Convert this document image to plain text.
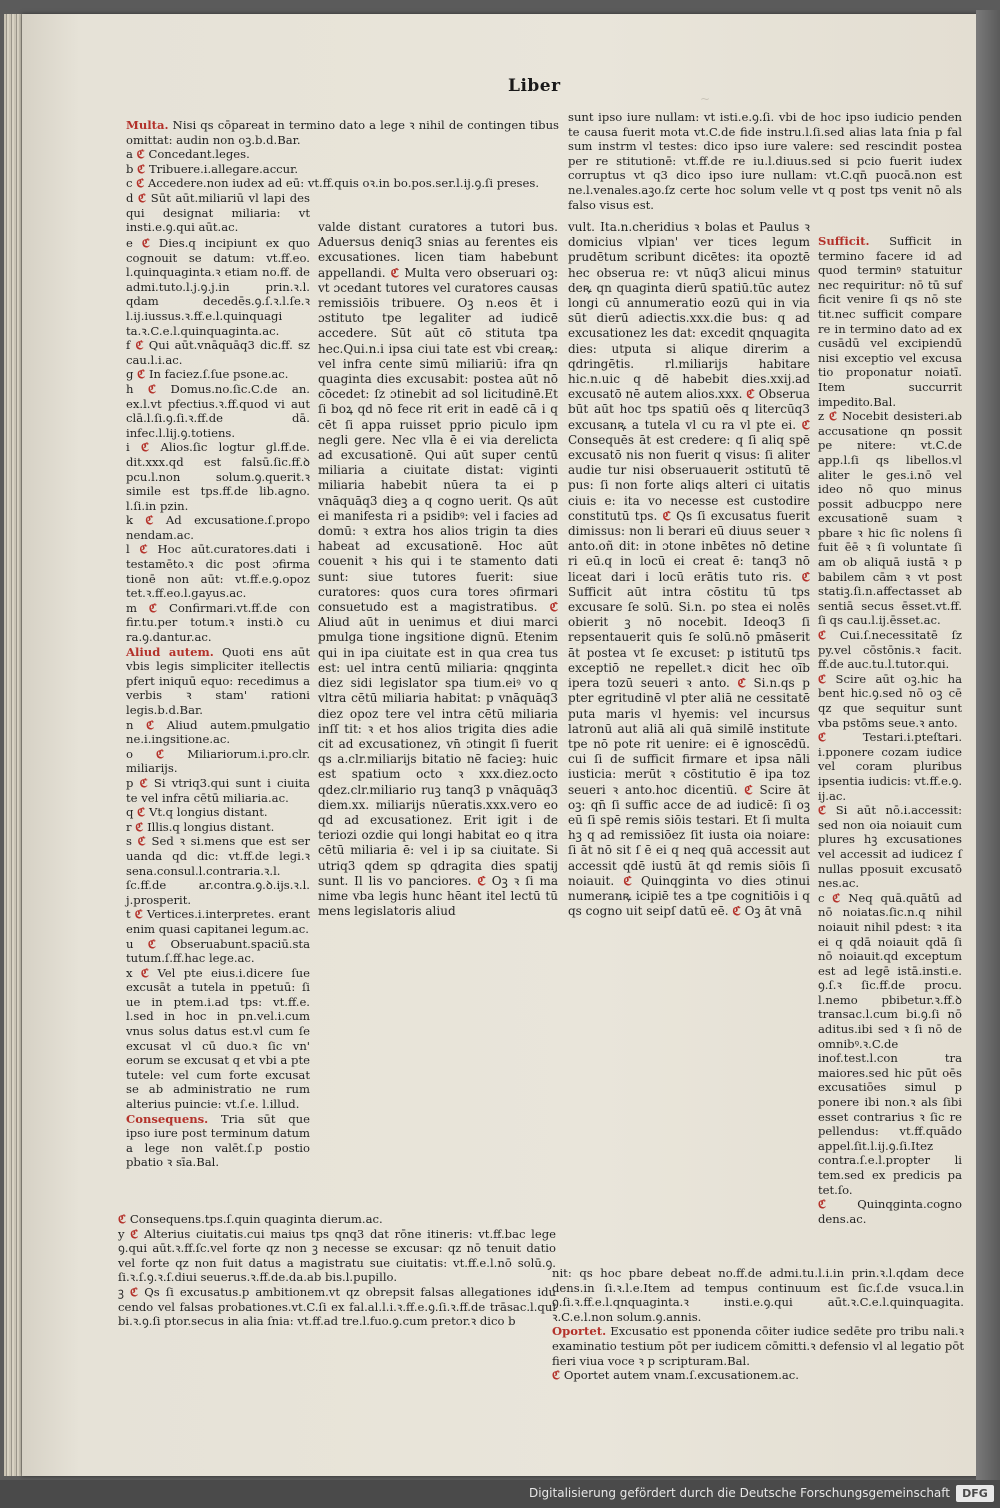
~
Liber

Multa. Nisi qs cōpareat in termino dato a lege ꝛ nihil de contingen tibus omittat: audin non oꝫ.b.d.Bar.

a ℭ Concedant.leges.

b ℭ Tribuere.i.allegare.accur.

c ℭ Accedere.non iudex ad eū: vt.ff.quis oꝛ.in bo.pos.ser.l.ij.ꝯ.ſi preses.

d ℭ Sūt aūt.miliariū vl lapi des qui designat miliaria: vt insti.e.ꝯ.qui aūt.ac.

sunt ipso iure nullam: vt isti.e.ꝯ.ſi. vbi de hoc ipso iudicio penden te causa fuerit mota vt.C.de fide instru.l.ſi.sed alias lata ſnia p fal sum instrm vl testes: dico ipso iure valere: sed rescindit postea per re stitutionē: vt.ff.de re iu.l.diuus.sed si pcio fuerit iudex corruptus vt q3 dico ipso iure nullam: vt.C.qn̄ puocā.non est ne.l.venales.aꝫo.ſz certe hoc solum velle vt q post tps venit nō als falso visus est.

e ℭ Dies.q incipiunt ex quo cognouit se datum: vt.ff.eo. l.quinquaginta.ꝛ etiam no.ff. de admi.tuto.l.j.ꝯ.j.in prin.ꝛ.l. qdam decedēs.ꝯ.ſ.ꝛ.l.ſe.ꝛ l.ij.iussus.ꝛ.ff.e.l.quinquagi ta.ꝛ.C.e.l.quinquaginta.ac.

f ℭ Qui aūt.vnāquāq3 dic.ff. sz cau.l.i.ac.

g ℭ In faciez.ſ.ſue psone.ac.

h ℭ Domus.no.ſic.C.de an. ex.l.vt pfectius.ꝛ.ff.quod vi aut clā.l.ſi.ꝯ.ſi.ꝛ.ff.de dā. infec.l.lij.ꝯ.totiens.

i ℭ Alios.ſic logtur gl.ff.de. dit.xxx.qd est falsū.ſic.ff.ꝺ pcu.l.non solum.ꝯ.querit.ꝛ simile est tps.ff.de lib.agno. l.ſi.in pzin.

k ℭ Ad excusatione.ſ.propo nendam.ac.

l ℭ Hoc aūt.curatores.dati i testamēto.ꝛ dic post ɔfirma tionē non aūt: vt.ff.e.ꝯ.opoz tet.ꝛ.ff.eo.l.gayus.ac.

m ℭ Confirmari.vt.ff.de con fir.tu.per totum.ꝛ insti.ꝺ cu ra.ꝯ.dantur.ac.

Aliud autem. Quoti ens aūt vbis legis simpliciter itellectis pfert iniquū equo: recedimus a verbis ꝛ stam' rationi legis.b.d.Bar.

n ℭ Aliud autem.pmulgatio ne.i.ingsitione.ac.

o ℭ Miliariorum.i.pro.clr. miliarijs.

p ℭ Si vtriq3.qui sunt i ciuita te vel infra cētū miliaria.ac.

q ℭ Vt.q longius distant.

r ℭ Illis.q longius distant.

s ℭ Sed ꝛ si.mens que est ser uanda qd dic: vt.ff.de legi.ꝛ sena.consul.l.contraria.ꝛ.l. ſc.ff.de ar.contra.ꝯ.ꝺ.ijs.ꝛ.l. j.prosperit.

t ℭ Vertices.i.interpretes. erant enim quasi capitanei legum.ac.

u ℭ Obseruabunt.spaciū.sta tutum.ſ.ff.hac lege.ac.

x ℭ Vel pte eius.i.dicere ſue excusāt a tutela in ppetuū: ſi ue in ptem.i.ad tps: vt.ff.e. l.sed in hoc in pn.vel.i.cum vnus solus datus est.vl cum ſe excusat vl cū duo.ꝛ ſic vn' eorum se excusat q et vbi a pte tutele: vel cum forte excusat se ab administratio ne rum alterius puincie: vt.ſ.e. l.illud.

Consequens. Tria sūt que ipso iure post terminum datum a lege non valēt.ſ.p postio pbatio ꝛ sīa.Bal.

valde distant curatores a tutori bus. Aduersus deniq3 snias au ferentes eis excusationes. licen tiam habebunt appellandi. ℭ Multa vero obseruari oꝫ: vt ɔcedant tutores vel curatores causas remissiōis tribuere. Oꝫ n.eos ēt i ɔstituto tpe legaliter ad iudicē accedere. Sūt aūt cō stituta tpa hec.Qui.n.i ipsa ciui tate est vbi creaꝶ: vel infra cente simū miliariū: ifra qn quaginta dies excusabit: postea aūt nō cōcedet: ſz ɔtinebit ad sol licitudinē.Et ſi boꝝ qd nō fece rit erit in eadē cā i q cēt ſi appa ruisset pprio piculo ipm negli gere. Nec vlla ē ei via derelicta ad excusationē. Qui aūt super centū miliaria a ciuitate distat: viginti miliaria habebit nūera ta ei p vnāquāq3 dieꝫ a q cogno uerit. Qs aūt ei manifesta ri a psidibꝰ: vel i facies ad domū: ꝛ extra hos alios trigin ta dies habeat ad excusationē. Hoc aūt couenit ꝛ his qui i te stamento dati sunt: siue tutores fuerit: siue curatores: quos cura tores ɔfirmari consuetudo est a magistratibus. ℭ Aliud aūt in uenimus et diui marci pmulga tione ingsitione dignū. Etenim qui in ipa ciuitate est in qua crea tus est: uel intra centū miliaria: qnqginta diez sidi legislator spa tium.eiꝰ vo q vltra cētū miliaria habitat: p vnāquāq3 diez opoz tere vel intra cētū miliaria inſſ tit: ꝛ et hos alios trigita dies adie cit ad excusationez, vn̄ ɔtingit ſi fuerit qs a.clr.miliarijs bitatio nē facieꝫ: huic est spatium octo ꝛ xxx.diez.octo qdez.clr.miliario ruꝫ tanq3 p vnāquāq3 diem.xx. miliarijs nūeratis.xxx.vero eo qd ad excusationez. Erit igit i de teriozi ozdie qui longi habitat eo q itra cētū miliaria ē: vel i ip sa ciuitate. Si utriq3 qdem sp qdragita dies spatij sunt. Il lis vo panciores. ℭ Oꝫ ꝛ ſi ma nime vba legis hunc hēant itel lectū tū mens legislatoris aliud

vult. Ita.n.cheridius ꝛ bolas et Paulus ꝛ domicius vlpian' ver tices legum prudētum scribunt dicētes: ita opoztē hec obserua re: vt nūq3 alicui minus deꝶ qn quaginta dierū spatiū.tūc autez longi cū annumeratio eozū qui in via sūt dierū adiectis.xxx.die bus: q ad excusationez les dat: excedit qnquagita dies: utputa si alique direrim a qdringētis. rl.miliarijs habitare hic.n.uic q dē habebit dies.xxij.ad excusatō nē autem alios.xxx. ℭ Obserua būt aūt hoc tps spatiū oēs q litercūq3 excusanꝶ a tutela vl cu ra vl pte ei. ℭ Consequēs āt est credere: q ſi aliq spē excusatō nis non fuerit q visus: ſi aliter audie tur nisi obseruauerit ɔstitutū tē pus: ſi non forte aliqs alteri ci uitatis ciuis e: ita vo necesse est custodire constitutū tps. ℭ Qs ſi excusatus fuerit dimissus: non li berari eū diuus seuer ꝛ anto.oñ dit: in ɔtone inbētes nō detine ri eū.q in locū ei creat ē: tanq3 nō liceat dari i locū erātis tuto ris. ℭ Sufficit aūt intra cōstitu tū tps excusare ſe solū. Si.n. po stea ei nolēs obierit ꝫ nō nocebit. Ideoq3 ſi repsentauerit quis ſe solū.nō pmāserit āt postea vt ſe excuset: p istitutū tps exceptiō ne repellet.ꝛ dicit hec oīb ipera tozū seueri ꝛ anto. ℭ Si.n.qs p pter egritudinē vl pter aliā ne cessitatē puta maris vl hyemis: vel incursus latronū aut aliā ali quā similē institute tpe nō pote rit uenire: ei ē ignoscēdū. cui ſi de sufficit firmare et ipsa nāli iusticia: merūt ꝛ cōstitutio ē ipa toz seueri ꝛ anto.hoc dicentiū. ℭ Scire āt oꝫ: qn̄ ſi suffic acce de ad iudicē: ſi oꝫ eū ſi spē remis siōis testari. Et ſi multa hꝫ q ad remissiōez ſit iusta oia noiare: ſi āt nō sit ſ ē ei q neq quā accessit aut accessit qdē iustū āt qd remis siōis ſi noiauit. ℭ Quinqginta vo dies ɔtinui numeranꝶ icipiē tes a tpe cognitiōis i q qs cogno uit seipſ datū eē. ℭ Oꝫ āt vnā

Sufficit. Sufficit in termino facere id ad quod terminꝰ statuitur nec requiritur: nō tū suf ficit venire ſi qs nō ste tit.nec sufficit compare re in termino dato ad ex cusādū vel excipiendū nisi exceptio vel excusa tio proponatur noiatī. Item succurrit impedito.Bal.

z ℭ Nocebit desisteri.ab accusatione qn possit pe nitere: vt.C.de app.l.ſi qs libellos.vl aliter le ges.i.nō vel ideo nō quo minus possit adbucppo nere excusationē suam ꝛ pbare ꝛ hic ſic nolens ſi fuit ēē ꝛ ſi voluntate ſi am ob aliquā iustā ꝛ p babilem cām ꝛ vt post statiꝫ.ſi.n.affectasset ab sentiā secus ēsset.vt.ff. ſi qs cau.l.ij.ēsset.ac.

ℭ Cui.ſ.necessitatē ſz py.vel cōstōnis.ꝛ facit. ff.de auc.tu.l.tutor.qui.

ℭ Scire aūt oꝫ.hic ha bent hic.ꝯ.sed nō oꝫ cē qz que sequitur sunt vba pstōms seue.ꝛ anto.

ℭ Testari.i.pteſtari. i.pponere cozam iudice vel coram pluribus ipsentia iudicis: vt.ff.e.ꝯ. ij.ac.

ℭ Si aūt nō.i.accessit: sed non oia noiauit cum plures hꝫ excusationes vel accessit ad iudicez ſ nullas pposuit excusatō nes.ac.

c ℭ Neq quā.quātū ad nō noiatas.ſic.n.q nihil noiauit nihil pdest: ꝛ ita ei q qdā noiauit qdā ſi nō noiauit.qd exceptum est ad legē istā.insti.e. ꝯ.ſ.ꝛ ſic.ff.de procu. l.nemo pbibetur.ꝛ.ff.ꝺ transac.l.cum bi.ꝯ.ſi nō aditus.ibi sed ꝛ ſi nō de omnibꝰ.ꝛ.C.de inof.test.l.con tra maiores.sed hic pūt oēs excusatiōes simul p ponere ibi non.ꝛ als ſibi esset contrarius ꝛ ſic re pellendus: vt.ff.quādo appel.ſit.l.ij.ꝯ.ſi.Itez contra.ſ.e.l.propter li tem.sed ex predicis pa tet.ſo.

ℭ Quinqginta.cogno dens.ac.

ℭ Consequens.tps.ſ.quin quaginta dierum.ac.

y ℭ Alterius ciuitatis.cui maius tps qnq3 dat rōne itineris: vt.ff.bac lege ꝯ.qui aūt.ꝛ.ff.ſc.vel forte qz non ꝫ necesse se excusar: qz nō tenuit datio vel forte qz non fuit datus a magistratu sue ciuitatis: vt.ff.e.l.nō solū.ꝯ. ſi.ꝛ.ſ.ꝯ.ꝛ.ſ.diui seuerus.ꝛ.ff.de.da.ab bis.l.pupillo.

ꝫ ℭ Qs ſi excusatus.p ambitionem.vt qz obrepsit falsas allegationes idu cendo vel falsas probationes.vt.C.ſi ex fal.al.l.i.ꝛ.ff.e.ꝯ.ſi.ꝛ.ff.de trāsac.l.qui bi.ꝛ.ꝯ.ſi ptor.secus in alia ſnia: vt.ff.ad tre.l.fuo.ꝯ.cum pretor.ꝛ dico b

nit: qs hoc pbare debeat no.ff.de admi.tu.l.i.in prin.ꝛ.l.qdam dece dens.in ſi.ꝛ.l.e.Item ad tempus continuum est ſic.ſ.de vsuca.l.in ꝯ.ſi.ꝛ.ff.e.l.qnquaginta.ꝛ insti.e.ꝯ.qui aūt.ꝛ.C.e.l.quinquagita. ꝛ.C.e.l.non solum.ꝯ.annis.

Oportet. Excusatio est pponenda cōiter iudice sedēte pro tribu nali.ꝛ examinatio testium pōt per iudicem cōmitti.ꝛ defensio vl al legatio pōt fieri viua voce ꝛ p scripturam.Bal.

ℭ Oportet autem vnam.ſ.excusationem.ac.

Digitalisierung gefördert durch die Deutsche Forschungsgemeinschaft	DFG
